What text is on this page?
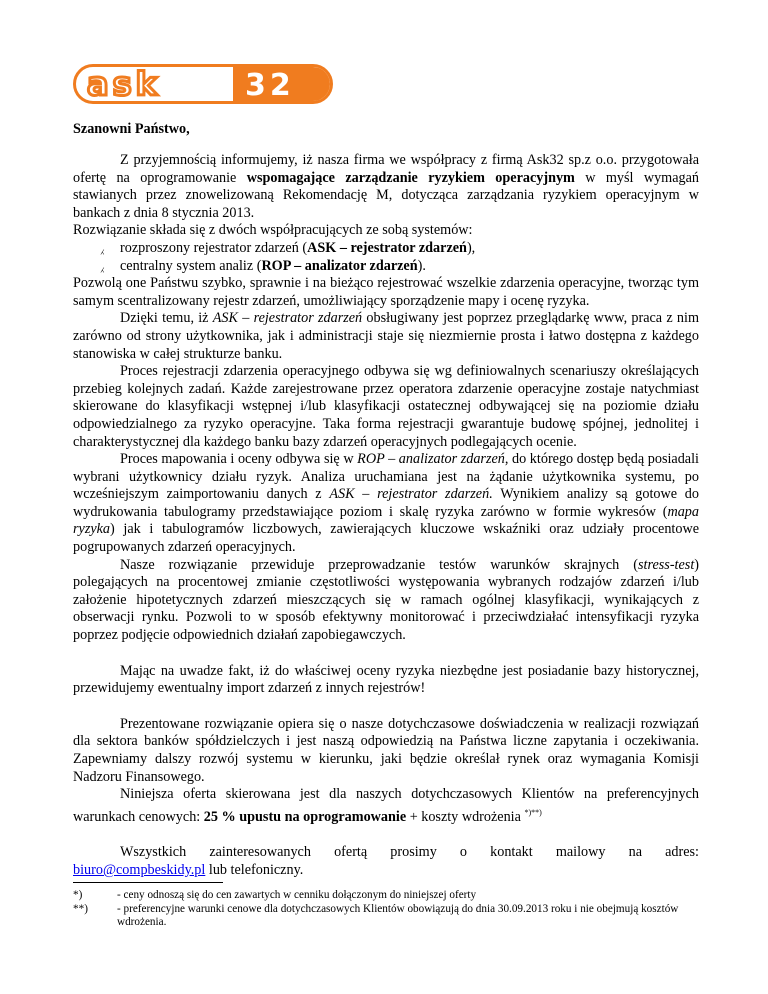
ask	32
Szanowni Państwo,

Z przyjemnością informujemy, iż nasza firma we współpracy z firmą Ask32 sp.z o.o. przygotowała ofertę na oprogramowanie wspomagające zarządzanie ryzykiem operacyjnym w myśl wymagań stawianych przez znowelizowaną Rekomendację M, dotycząca zarządzania ryzykiem operacyjnym w bankach z dnia 8 stycznia 2013.

Rozwiązanie składa się z dwóch współpracujących ze sobą systemów:

⁁ rozproszony rejestrator zdarzeń (ASK – rejestrator zdarzeń),

⁁ centralny system analiz (ROP – analizator zdarzeń).

Pozwolą one Państwu szybko, sprawnie i na bieżąco rejestrować wszelkie zdarzenia operacyjne, tworząc tym samym scentralizowany rejestr zdarzeń, umożliwiający sporządzenie mapy i ocenę ryzyka.

Dzięki temu, iż ASK – rejestrator zdarzeń obsługiwany jest poprzez przeglądarkę www, praca z nim zarówno od strony użytkownika, jak i administracji staje się niezmiernie prosta i łatwo dostępna z każdego stanowiska w całej strukturze banku.

Proces rejestracji zdarzenia operacyjnego odbywa się wg definiowalnych scenariuszy określających przebieg kolejnych zadań. Każde zarejestrowane przez operatora zdarzenie operacyjne zostaje natychmiast skierowane do klasyfikacji wstępnej i/lub klasyfikacji ostatecznej odbywającej się na poziomie działu odpowiedzialnego za ryzyko operacyjne. Taka forma rejestracji gwarantuje budowę spójnej, jednolitej i charakterystycznej dla każdego banku bazy zdarzeń operacyjnych podlegających ocenie.

Proces mapowania i oceny odbywa się w ROP – analizator zdarzeń, do którego dostęp będą posiadali wybrani użytkownicy działu ryzyk. Analiza uruchamiana jest na żądanie użytkownika systemu, po wcześniejszym zaimportowaniu danych z ASK – rejestrator zdarzeń. Wynikiem analizy są gotowe do wydrukowania tabulogramy przedstawiające poziom i skalę ryzyka zarówno w formie wykresów (mapa ryzyka) jak i tabulogramów liczbowych, zawierających kluczowe wskaźniki oraz udziały procentowe pogrupowanych zdarzeń operacyjnych.

Nasze rozwiązanie przewiduje przeprowadzanie testów warunków skrajnych (stress-test) polegających na procentowej zmianie częstotliwości występowania wybranych rodzajów zdarzeń i/lub założenie hipotetycznych zdarzeń mieszczących się w ramach ogólnej klasyfikacji, wynikających z obserwacji rynku. Pozwoli to w sposób efektywny monitorować i przeciwdziałać intensyfikacji ryzyka poprzez podjęcie odpowiednich działań zapobiegawczych.

Mając na uwadze fakt, iż do właściwej oceny ryzyka niezbędne jest posiadanie bazy historycznej, przewidujemy ewentualny import zdarzeń z innych rejestrów!

Prezentowane rozwiązanie opiera się o nasze dotychczasowe doświadczenia w realizacji rozwiązań dla sektora banków spółdzielczych i jest naszą odpowiedzią na Państwa liczne zapytania i oczekiwania. Zapewniamy dalszy rozwój systemu w kierunku, jaki będzie określał rynek oraz wymagania Komisji Nadzoru Finansowego.

Niniejsza oferta skierowana jest dla naszych dotychczasowych Klientów na preferencyjnych warunkach cenowych: 25 % upustu na oprogramowanie + koszty wdrożenia *)**)

Wszystkich zainteresowanych ofertą prosimy o kontakt mailowy na adres:

biuro@compbeskidy.pl lub telefoniczny.

*)	- ceny odnoszą się do cen zawartych w cenniku dołączonym do niniejszej oferty
**)	- preferencyjne warunki cenowe dla dotychczasowych Klientów obowiązują do dnia 30.09.2013 roku i nie obejmują kosztów wdrożenia.
